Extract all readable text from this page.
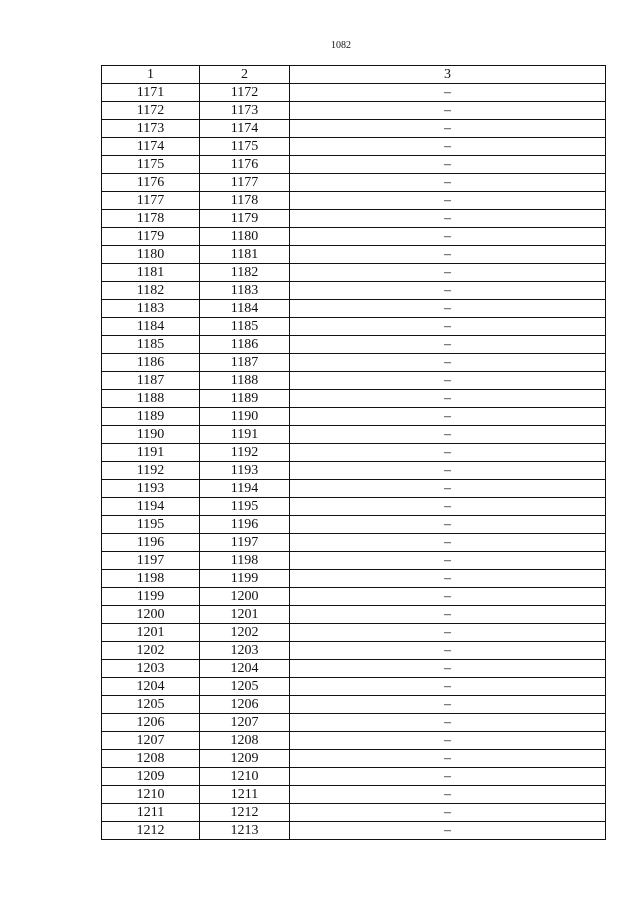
1082
1	2	3
1171	1172	–
1172	1173	–
1173	1174	–
1174	1175	–
1175	1176	–
1176	1177	–
1177	1178	–
1178	1179	–
1179	1180	–
1180	1181	–
1181	1182	–
1182	1183	–
1183	1184	–
1184	1185	–
1185	1186	–
1186	1187	–
1187	1188	–
1188	1189	–
1189	1190	–
1190	1191	–
1191	1192	–
1192	1193	–
1193	1194	–
1194	1195	–
1195	1196	–
1196	1197	–
1197	1198	–
1198	1199	–
1199	1200	–
1200	1201	–
1201	1202	–
1202	1203	–
1203	1204	–
1204	1205	–
1205	1206	–
1206	1207	–
1207	1208	–
1208	1209	–
1209	1210	–
1210	1211	–
1211	1212	–
1212	1213	–
